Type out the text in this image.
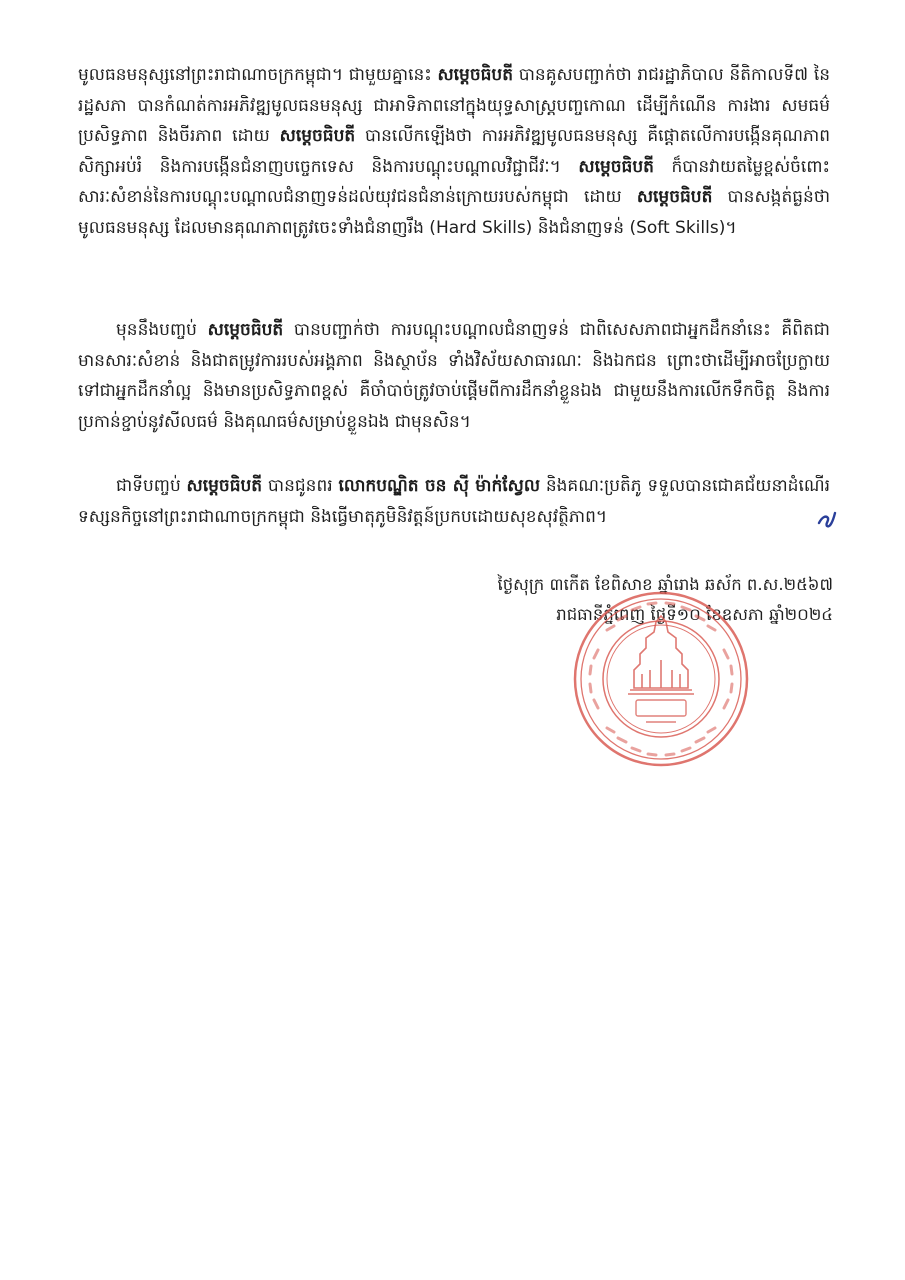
មូលធនមនុស្សនៅព្រះរាជាណាចក្រកម្ពុជា។ ជាមួយគ្នានេះ សម្តេចធិបតី បានគូសបញ្ជាក់ថា រាជរដ្ឋាភិបាល នីតិកាលទី៧ នៃរដ្ឋសភា បានកំណត់ការអភិវឌ្ឍមូលធនមនុស្ស ជាអាទិភាពនៅក្នុងយុទ្ធសាស្ត្របញ្ចកោណ ដើម្បីកំណើន ការងារ សមធម៌ ប្រសិទ្ធភាព និងចីរភាព ដោយ សម្តេចធិបតី បានលើកឡើងថា ការអភិវឌ្ឍមូលធនមនុស្ស គឺផ្តោតលើការបង្កើនគុណភាពសិក្សាអប់រំ និងការបង្កើនជំនាញបច្ចេកទេស និងការបណ្តុះបណ្តាលវិជ្ជាជីវៈ។ សម្តេចធិបតី ក៏បានវាយតម្លៃខ្ពស់ចំពោះសារៈសំខាន់នៃការបណ្តុះបណ្តាលជំនាញទន់ដល់យុវជនជំនាន់ក្រោយរបស់កម្ពុជា ដោយ សម្តេចធិបតី បានសង្កត់ធ្ងន់ថា មូលធនមនុស្ស ដែលមានគុណភាពត្រូវចេះទាំងជំនាញរឹង (Hard Skills) និងជំនាញទន់ (Soft Skills)។
មុននឹងបញ្ចប់ សម្តេចធិបតី បានបញ្ជាក់ថា ការបណ្តុះបណ្តាលជំនាញទន់ ជាពិសេសភាពជាអ្នកដឹកនាំនេះ គឺពិតជាមានសារៈសំខាន់ និងជាតម្រូវការរបស់អង្គភាព និងស្ថាប័ន ទាំងវិស័យសាធារណៈ និងឯកជន ព្រោះថាដើម្បីអាចប្រែក្លាយទៅជាអ្នកដឹកនាំល្អ និងមានប្រសិទ្ធភាពខ្ពស់ គឺចាំបាច់ត្រូវចាប់ផ្តើមពីការដឹកនាំខ្លួនឯង ជាមួយនឹងការលើកទឹកចិត្ត និងការប្រកាន់ខ្ជាប់នូវសីលធម៌ និងគុណធម៌សម្រាប់ខ្លួនឯង ជាមុនសិន។
ជាទីបញ្ចប់ សម្តេចធិបតី បានជូនពរ លោកបណ្ឌិត ចន ស៊ី ម៉ាក់ស្វែល និងគណៈប្រតិភូ ទទួលបានជោគជ័យនាដំណើរទស្សនកិច្ចនៅព្រះរាជាណាចក្រកម្ពុជា និងធ្វើមាតុភូមិនិវត្តន៍ប្រកបដោយសុខសុវត្ថិភាព។
ថ្ងៃសុក្រ ៣កើត ខែពិសាខ ឆ្នាំរោង ឆស័ក ព.ស.២៥៦៧
រាជធានីភ្នំពេញ ថ្ងៃទី១០ ខែឧសភា ឆ្នាំ២០២៤
